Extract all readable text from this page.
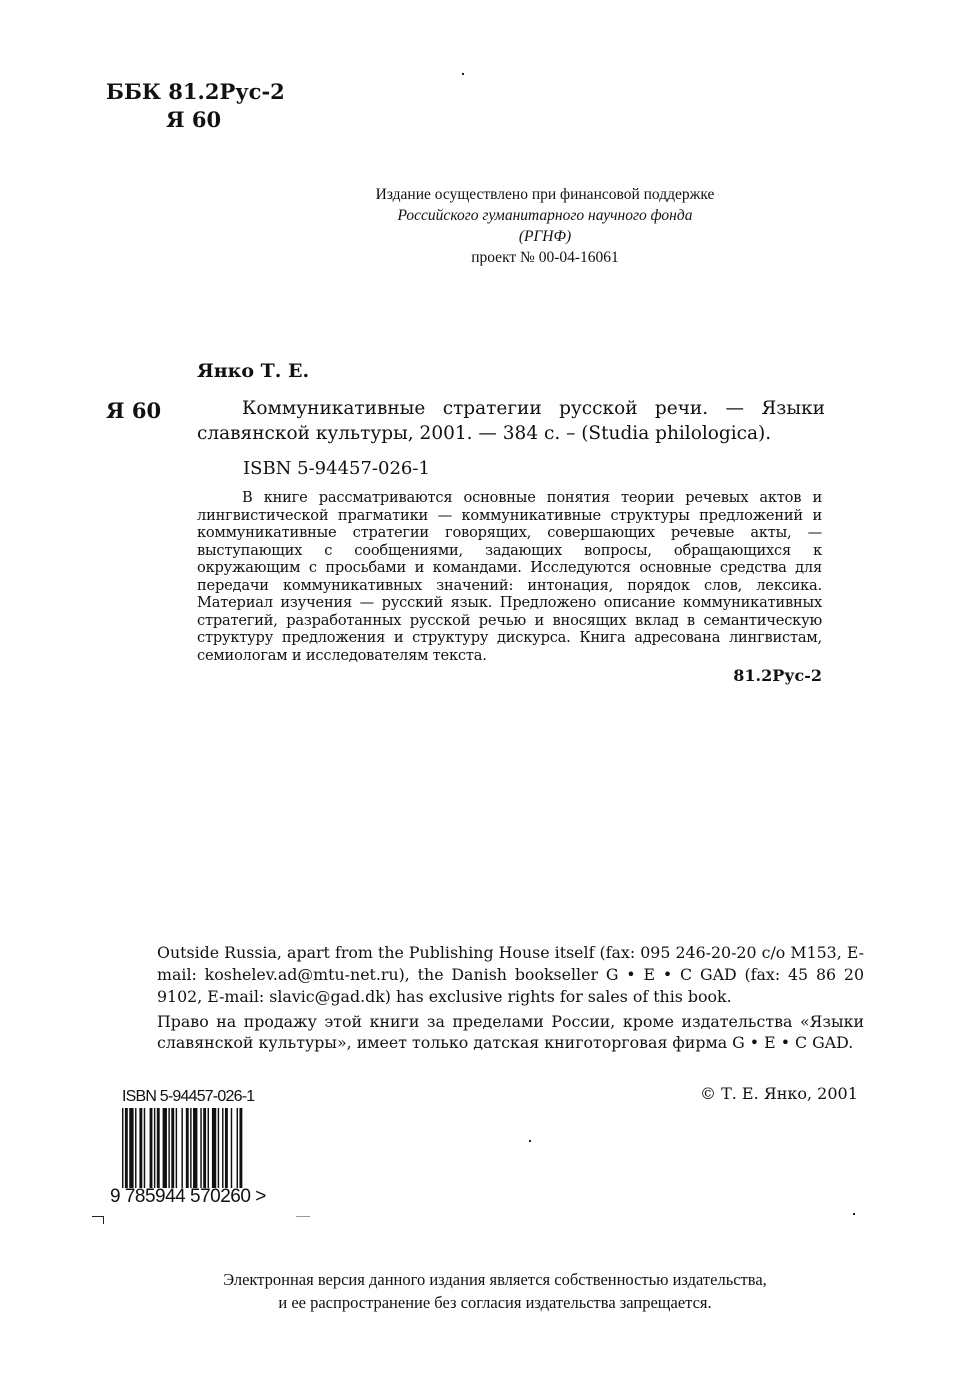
ББК 81.2Рус-2
Я 60
Издание осуществлено при финансовой поддержке
Российского гуманитарного научного фонда
(РГНФ)
проект № 00-04-16061
Янко Т. Е.
Я 60	Коммуникативные стратегии русской речи. — Языки славянской культуры, 2001. — 384 с. – (Studia philologica).

ISBN 5-94457-026-1

В книге рассматриваются основные понятия теории речевых актов и лингвистической прагматики — коммуникативные структуры предложений и коммуникативные стратегии говорящих, совершающих речевые акты, — выступающих с сообщениями, задающих вопросы, обращающихся к окружающим с просьбами и командами. Исследуются основные средства для передачи коммуникативных значений: интонация, порядок слов, лексика. Материал изучения — русский язык. Предложено описание коммуникативных стратегий, разработанных русской речью и вносящих вклад в семантическую структуру предложения и структуру дискурса. Книга адресована лингвистам, семиологам и исследователям текста.

81.2Рус-2

Outside Russia, apart from the Publishing House itself (fax: 095 246-20-20 c/o M153, E-mail: koshelev.ad@mtu-net.ru), the Danish bookseller G • E • C GAD (fax: 45 86 20 9102, E-mail: slavic@gad.dk) has exclusive rights for sales of this book.

Право на продажу этой книги за пределами России, кроме издательства «Языки славянской культуры», имеет только датская книготорговая фирма G • E • C GAD.

© Т. Е. Янко, 2001
ISBN 5-94457-026-1
9 785944 570260 >
Электронная версия данного издания является собственностью издательства,
и ее распространение без согласия издательства запрещается.
